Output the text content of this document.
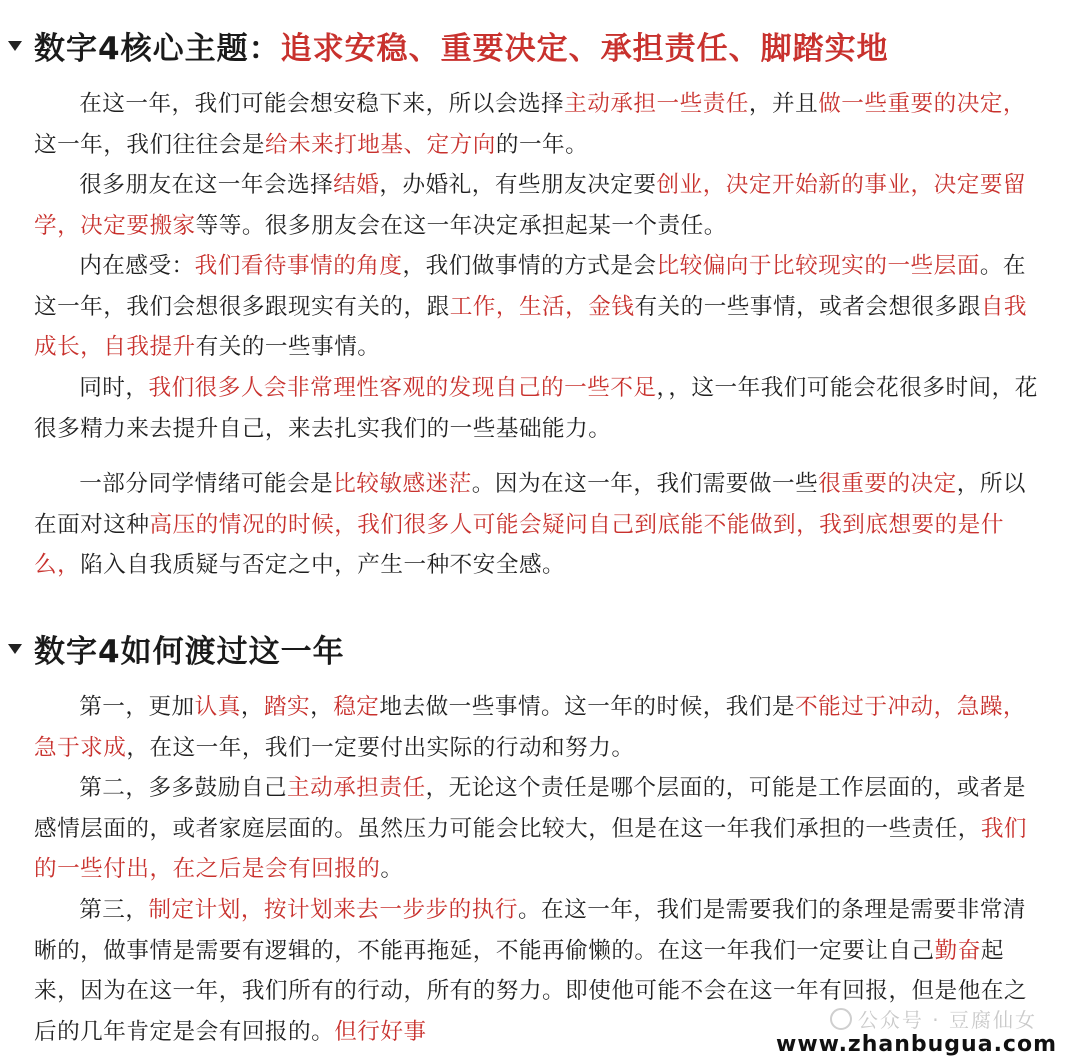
数字4核心主题： 追求安稳、重要决定、承担责任、脚踏实地

在这一年，我们可能会想安稳下来，所以会选择主动承担一些责任，并且做一些重要的决定，这一年，我们往往会是给未来打地基、定方向的一年。

很多朋友在这一年会选择结婚，办婚礼，有些朋友决定要创业，决定开始新的事业，决定要留学，决定要搬家等等。很多朋友会在这一年决定承担起某一个责任。

内在感受：我们看待事情的角度，我们做事情的方式是会比较偏向于比较现实的一些层面。在这一年，我们会想很多跟现实有关的，跟工作，生活，金钱有关的一些事情，或者会想很多跟自我成长，自我提升有关的一些事情。

同时，我们很多人会非常理性客观的发现自己的一些不足，，这一年我们可能会花很多时间，花很多精力来去提升自己，来去扎实我们的一些基础能力。

一部分同学情绪可能会是比较敏感迷茫。因为在这一年，我们需要做一些很重要的决定，所以在面对这种高压的情况的时候，我们很多人可能会疑问自己到底能不能做到，我到底想要的是什么，陷入自我质疑与否定之中，产生一种不安全感。

数字4如何渡过这一年

第一，更加认真，踏实，稳定地去做一些事情。这一年的时候，我们是不能过于冲动，急躁，急于求成，在这一年，我们一定要付出实际的行动和努力。

第二，多多鼓励自己主动承担责任，无论这个责任是哪个层面的，可能是工作层面的，或者是感情层面的，或者家庭层面的。虽然压力可能会比较大，但是在这一年我们承担的一些责任，我们的一些付出，在之后是会有回报的。

第三，制定计划，按计划来去一步步的执行。在这一年，我们是需要我们的条理是需要非常清晰的，做事情是需要有逻辑的，不能再拖延，不能再偷懒的。在这一年我们一定要让自己勤奋起来，因为在这一年，我们所有的行动，所有的努力。即使他可能不会在这一年有回报，但是他在之后的几年肯定是会有回报的。但行好事	公众号 · 豆腐仙女
www.zhanbugua.com
